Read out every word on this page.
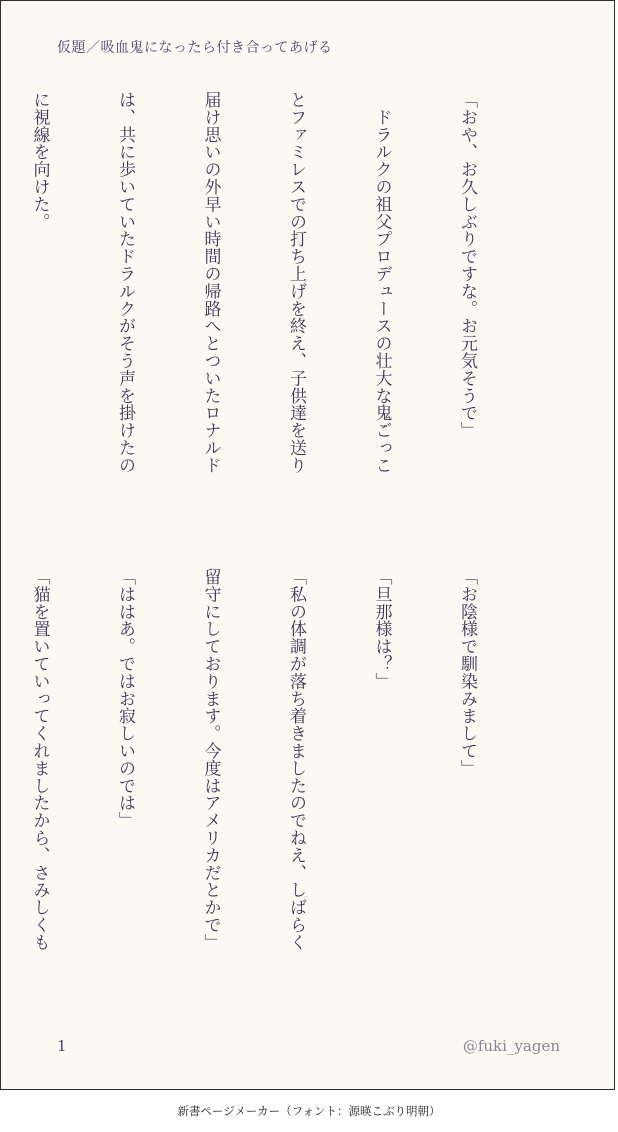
仮題／吸血鬼になったら付き合ってあげる

「おや、お久しぶりですな。お元気そうで」

　ドラルクの祖父プロデュースの壮大な鬼ごっこ

とファミレスでの打ち上げを終え、子供達を送り

届け思いの外早い時間の帰路へとついたロナルド

は、共に歩いていたドラルクがそう声を掛けたの

に視線を向けた。

「お陰様で馴染みまして」

「旦那様は？」

「私の体調が落ち着きましたのでねえ、しばらく

留守にしております。今度はアメリカだとかで」

「ははあ。ではお寂しいのでは」

「猫を置いていってくれましたから、さみしくも

1	@fuki_yagen
新書ページメーカー（フォント：源暎こぶり明朝）
